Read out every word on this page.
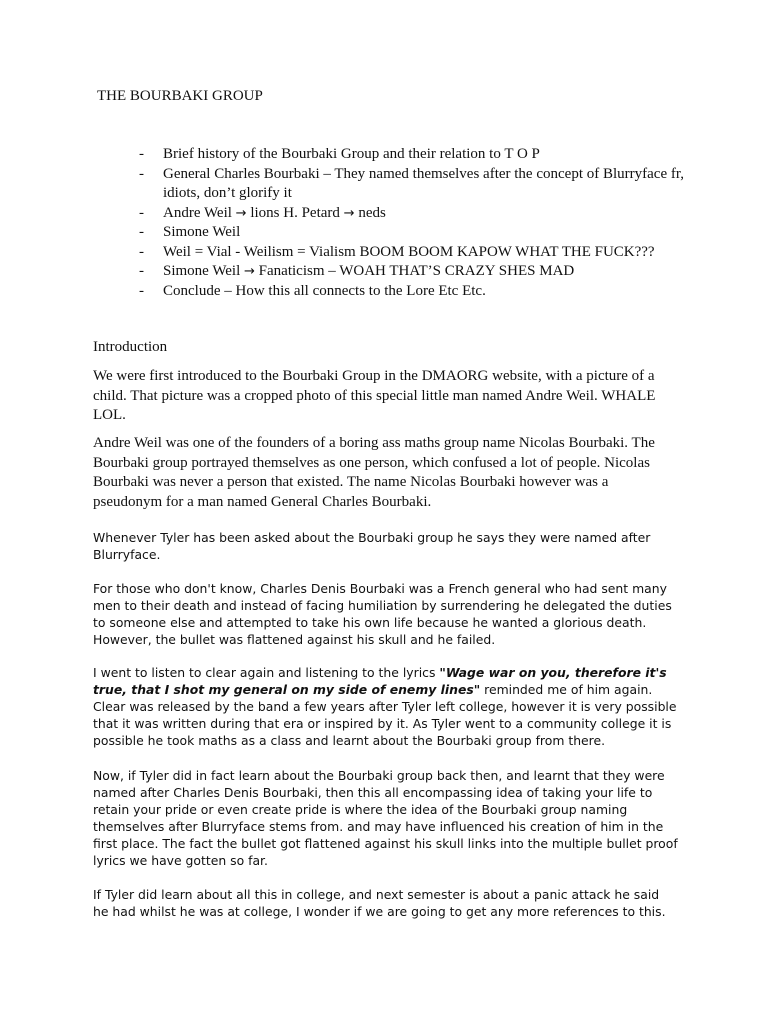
THE BOURBAKI GROUP
-	Brief history of the Bourbaki Group and their relation to T O P
-	General Charles Bourbaki – They named themselves after the concept of Blurryface fr, idiots, don’t glorify it
-	Andre Weil → lions H. Petard → neds
-	Simone Weil
-	Weil = Vial - Weilism = Vialism BOOM BOOM KAPOW WHAT THE FUCK???
-	Simone Weil → Fanaticism – WOAH THAT’S CRAZY SHES MAD
-	Conclude – How this all connects to the Lore Etc Etc.
Introduction

We were first introduced to the Bourbaki Group in the DMAORG website, with a picture of a child. That picture was a cropped photo of this special little man named Andre Weil. WHALE LOL.

Andre Weil was one of the founders of a boring ass maths group name Nicolas Bourbaki. The Bourbaki group portrayed themselves as one person, which confused a lot of people. Nicolas Bourbaki was never a person that existed. The name Nicolas Bourbaki however was a pseudonym for a man named General Charles Bourbaki.

Whenever Tyler has been asked about the Bourbaki group he says they were named after Blurryface.

For those who don't know, Charles Denis Bourbaki was a French general who had sent many men to their death and instead of facing humiliation by surrendering he delegated the duties to someone else and attempted to take his own life because he wanted a glorious death. However, the bullet was flattened against his skull and he failed.

I went to listen to clear again and listening to the lyrics "Wage war on you, therefore it's true, that I shot my general on my side of enemy lines" reminded me of him again. Clear was released by the band a few years after Tyler left college, however it is very possible that it was written during that era or inspired by it. As Tyler went to a community college it is possible he took maths as a class and learnt about the Bourbaki group from there.

Now, if Tyler did in fact learn about the Bourbaki group back then, and learnt that they were named after Charles Denis Bourbaki, then this all encompassing idea of taking your life to retain your pride or even create pride is where the idea of the Bourbaki group naming themselves after Blurryface stems from. and may have influenced his creation of him in the first place. The fact the bullet got flattened against his skull links into the multiple bullet proof lyrics we have gotten so far.

If Tyler did learn about all this in college, and next semester is about a panic attack he said he had whilst he was at college, I wonder if we are going to get any more references to this.
